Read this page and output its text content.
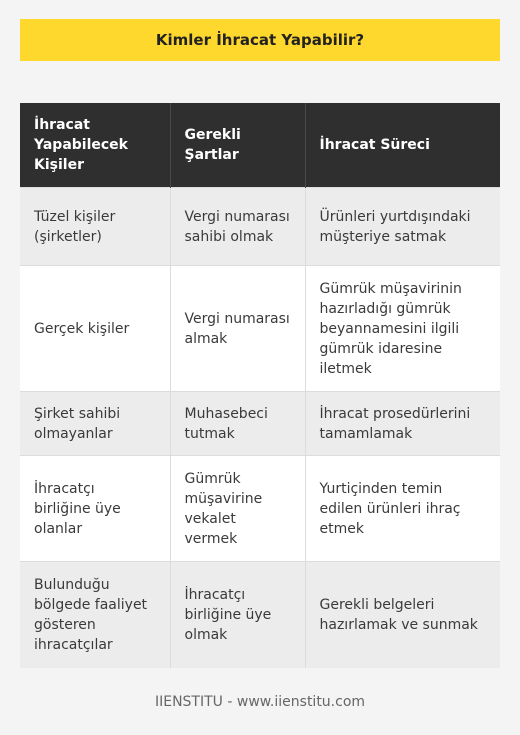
Kimler İhracat Yapabilir?
İhracat Yapabilecek Kişiler	Gerekli Şartlar	İhracat Süreci
Tüzel kişiler (şirketler)	Vergi numarası sahibi olmak	Ürünleri yurtdışındaki müşteriye satmak
Gerçek kişiler	Vergi numarası almak	Gümrük müşavirinin hazırladığı gümrük beyannamesini ilgili gümrük idaresine iletmek
Şirket sahibi olmayanlar	Muhasebeci tutmak	İhracat prosedürlerini tamamlamak
İhracatçı birliğine üye olanlar	Gümrük müşavirine vekalet vermek	Yurtiçinden temin edilen ürünleri ihraç etmek
Bulunduğu bölgede faaliyet gösteren ihracatçılar	İhracatçı birliğine üye olmak	Gerekli belgeleri hazırlamak ve sunmak
IIENSTITU - www.iienstitu.com
